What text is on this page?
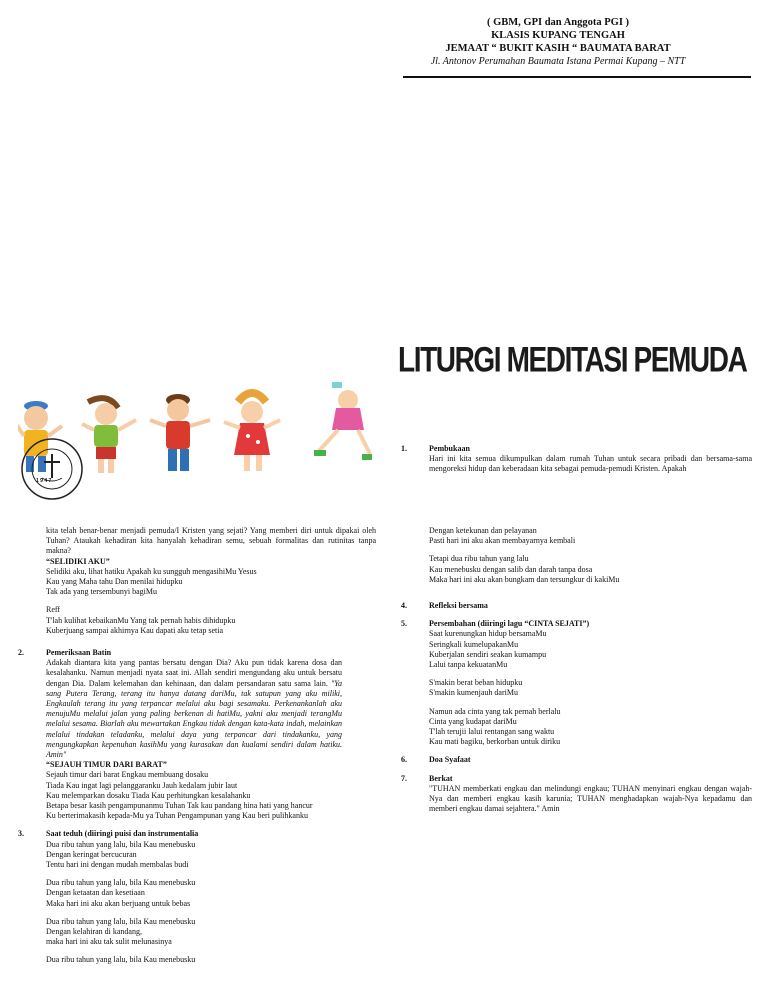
( GBM, GPI dan Anggota PGI )
KLASIS KUPANG TENGAH
JEMAAT “ BUKIT KASIH “ BAUMATA BARAT
Jl. Antonov Perumahan Baumata Istana Permai Kupang – NTT
LITURGI MEDITASI PEMUDA
1 9 4 7
1.	Pembukaan

Hari ini kita semua dikumpulkan dalam rumah Tuhan untuk secara pribadi dan bersama-sama mengoreksi hidup dan keberadaan kita sebagai pemuda-pemudi Kristen. Apakah

kita telah benar-benar menjadi pemuda/I Kristen yang sejati? Yang memberi diri untuk dipakai oleh Tuhan? Ataukah kehadiran kita hanyalah kehadiran semu, sebuah formalitas dan rutinitas tanpa makna?

“SELIDIKI AKU”

Selidiki aku, lihat hatiku Apakah ku sungguh mengasihiMu Yesus

Kau yang Maha tahu Dan menilai hidupku

Tak ada yang tersembunyi bagiMu

Reff

T'lah kulihat kebaikanMu Yang tak pernah habis dihidupku

Kuberjuang sampai akhirnya Kau dapati aku tetap setia

2.	Pemeriksaan Batin

Adakah diantara kita yang pantas bersatu dengan Dia? Aku pun tidak karena dosa dan kesalahanku. Namun menjadi nyata saat ini. Allah sendiri mengundang aku untuk bersatu dengan Dia. Dalam kelemahan dan kehinaan, dan dalam persandaran satu sama lain. "Ya sang Putera Terang, terang itu hanya datang dariMu, tak satupun yang aku miliki, Engkaulah terang itu yang terpancar melalui aku bagi sesamaku. Perkenankanlah aku menujuMu melalui jalan yang paling berkenan di hatiMu, yakni aku menjadi terangMu melalui sesama. Biarlah aku mewartakan Engkau tidak dengan kata-kata indah, melainkan melalui tindakan teladanku, melalui daya yang terpancar dari tindakanku, yang mengungkapkan kepenuhan kasihMu yang kurasakan dan kualami sendiri dalam hatiku. Amin"

“SEJAUH TIMUR DARI BARAT”

Sejauh timur dari barat Engkau membuang dosaku

Tiada Kau ingat lagi pelanggaranku Jauh kedalam jubir laut

Kau melemparkan dosaku Tiada Kau perhitungkan kesalahanku

Betapa besar kasih pengampunanmu Tuhan Tak kau pandang hina hati yang hancur

Ku berterimakasih kepada-Mu ya Tuhan Pengampunan yang Kau beri pulihkanku

3.	Saat teduh (diiringi puisi dan instrumentalia

Dua ribu tahun yang lalu, bila Kau menebusku

Dengan keringat bercucuran

Tentu hari ini dengan mudah membalas budi

Dua ribu tahun yang lalu, bila Kau menebusku

Dengan ketaatan dan kesetiaan

Maka hari ini aku akan berjuang untuk bebas

Dua ribu tahun yang lalu, bila Kau menebusku

Dengan kelahiran di kandang,

maka hari ini aku tak sulit melunasinya

Dua ribu tahun yang lalu, bila Kau menebusku

Dengan ketekunan dan pelayanan

Pasti hari ini aku akan membayarnya kembali

Tetapi dua ribu tahun yang lalu

Kau menebusku dengan salib dan darah tanpa dosa

Maka hari ini aku akan bungkam dan tersungkur di kakiMu

4.	Refleksi bersama

5.	Persembahan (diiringi lagu “CINTA SEJATI”)

Saat kurenungkan hidup bersamaMu

Seringkali kumelupakanMu

Kuberjalan sendiri seakan kumampu

Lalui tanpa kekuatanMu

S'makin berat beban hidupku

S'makin kumenjauh dariMu

Namun ada cinta yang tak pernah berlalu

Cinta yang kudapat dariMu

T'lah terujii lalui rentangan sang waktu

Kau mati bagiku, berkorban untuk diriku

6.	Doa Syafaat

7.	Berkat

"TUHAN memberkati engkau dan melindungi engkau; TUHAN menyinari engkau dengan wajah-Nya dan memberi engkau kasih karunia; TUHAN menghadapkan wajah-Nya kepadamu dan memberi engkau damai sejahtera." Amin
